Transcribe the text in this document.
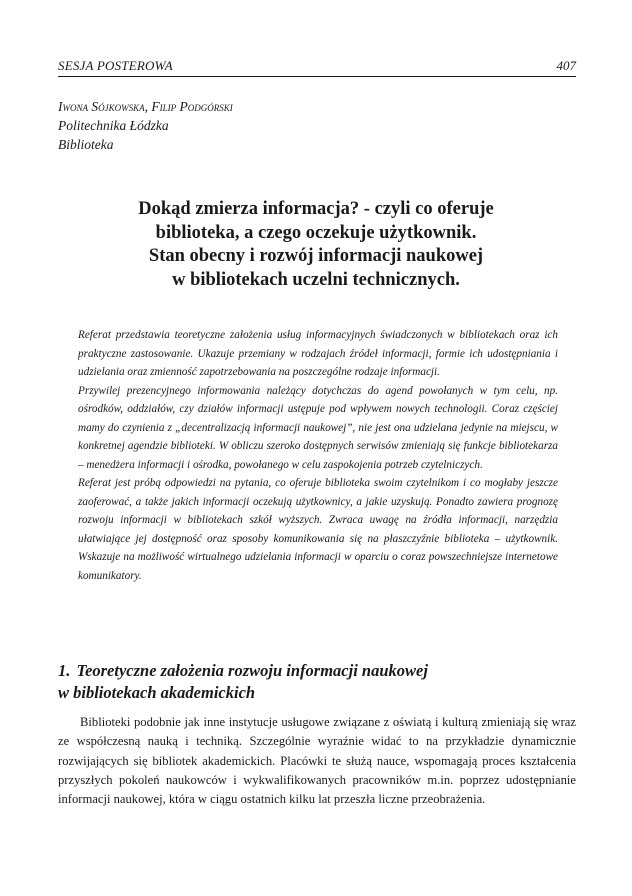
SESJA POSTEROWA	407
Iwona Sójkowska, Filip Podgórski
Politechnika Łódzka
Biblioteka
Dokąd zmierza informacja? - czyli co oferuje
biblioteka, a czego oczekuje użytkownik.
Stan obecny i rozwój informacji naukowej
w bibliotekach uczelni technicznych.

Referat przedstawia teoretyczne założenia usług informacyjnych świadczonych w bibliotekach oraz ich praktyczne zastosowanie. Ukazuje przemiany w rodzajach źródeł informacji, formie ich udostępniania i udzielania oraz zmienność zapotrzebowania na poszczególne rodzaje informacji.

Przywilej prezencyjnego informowania należący dotychczas do agend powołanych w tym celu, np. ośrodków, oddziałów, czy działów informacji ustępuje pod wpływem nowych technologii. Coraz częściej mamy do czynienia z „decentralizacją informacji naukowej”, nie jest ona udzielana jedynie na miejscu, w konkretnej agendzie biblioteki. W obliczu szeroko dostępnych serwisów zmieniają się funkcje bibliotekarza – menedżera informacji i ośrodka, powołanego w celu zaspokojenia potrzeb czytelniczych.

Referat jest próbą odpowiedzi na pytania, co oferuje biblioteka swoim czytelnikom i co mogłaby jeszcze zaoferować, a także jakich informacji oczekują użytkownicy, a jakie uzyskują. Ponadto zawiera prognozę rozwoju informacji w bibliotekach szkół wyższych. Zwraca uwagę na źródła informacji, narzędzia ułatwiające jej dostępność oraz sposoby komunikowania się na płaszczyźnie biblioteka – użytkownik. Wskazuje na możliwość wirtualnego udzielania informacji w oparciu o coraz powszechniejsze internetowe komunikatory.

1. Teoretyczne założenia rozwoju informacji naukowej
w bibliotekach akademickich

Biblioteki podobnie jak inne instytucje usługowe związane z oświatą i kulturą zmieniają się wraz ze współczesną nauką i techniką. Szczególnie wyraźnie widać to na przykładzie dynamicznie rozwijających się bibliotek akademickich. Placówki te służą nauce, wspomagają proces kształcenia przyszłych pokoleń naukowców i wykwalifikowanych pracowników m.in. poprzez udostępnianie informacji naukowej, która w ciągu ostatnich kilku lat przeszła liczne przeobrażenia.
